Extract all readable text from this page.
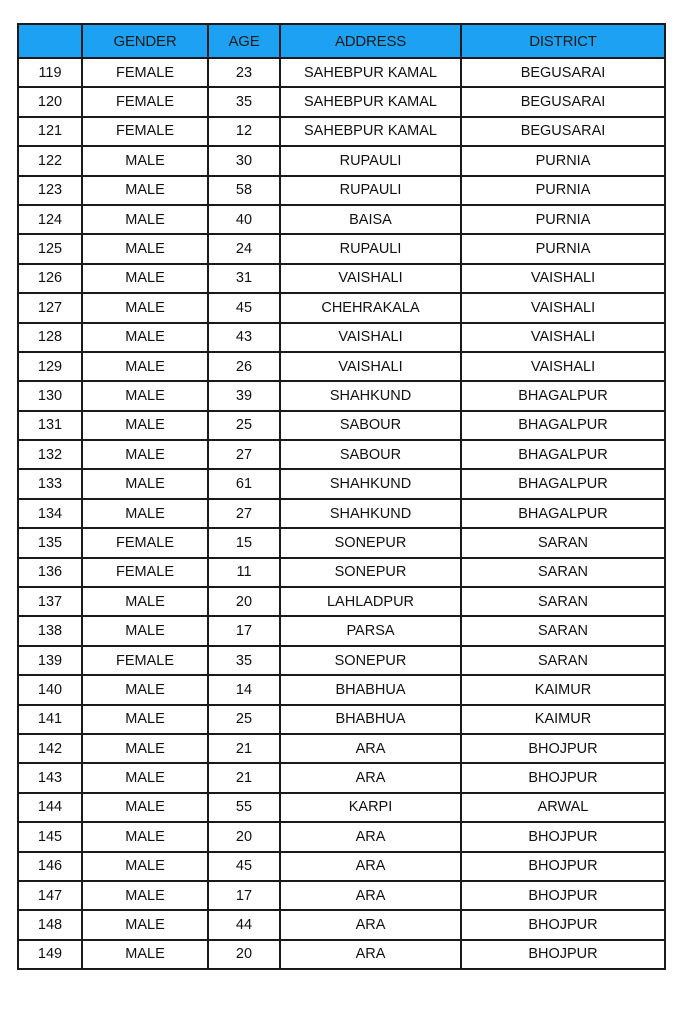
	GENDER	AGE	ADDRESS	DISTRICT
119	FEMALE	23	SAHEBPUR KAMAL	BEGUSARAI
120	FEMALE	35	SAHEBPUR KAMAL	BEGUSARAI
121	FEMALE	12	SAHEBPUR KAMAL	BEGUSARAI
122	MALE	30	RUPAULI	PURNIA
123	MALE	58	RUPAULI	PURNIA
124	MALE	40	BAISA	PURNIA
125	MALE	24	RUPAULI	PURNIA
126	MALE	31	VAISHALI	VAISHALI
127	MALE	45	CHEHRAKALA	VAISHALI
128	MALE	43	VAISHALI	VAISHALI
129	MALE	26	VAISHALI	VAISHALI
130	MALE	39	SHAHKUND	BHAGALPUR
131	MALE	25	SABOUR	BHAGALPUR
132	MALE	27	SABOUR	BHAGALPUR
133	MALE	61	SHAHKUND	BHAGALPUR
134	MALE	27	SHAHKUND	BHAGALPUR
135	FEMALE	15	SONEPUR	SARAN
136	FEMALE	11	SONEPUR	SARAN
137	MALE	20	LAHLADPUR	SARAN
138	MALE	17	PARSA	SARAN
139	FEMALE	35	SONEPUR	SARAN
140	MALE	14	BHABHUA	KAIMUR
141	MALE	25	BHABHUA	KAIMUR
142	MALE	21	ARA	BHOJPUR
143	MALE	21	ARA	BHOJPUR
144	MALE	55	KARPI	ARWAL
145	MALE	20	ARA	BHOJPUR
146	MALE	45	ARA	BHOJPUR
147	MALE	17	ARA	BHOJPUR
148	MALE	44	ARA	BHOJPUR
149	MALE	20	ARA	BHOJPUR
